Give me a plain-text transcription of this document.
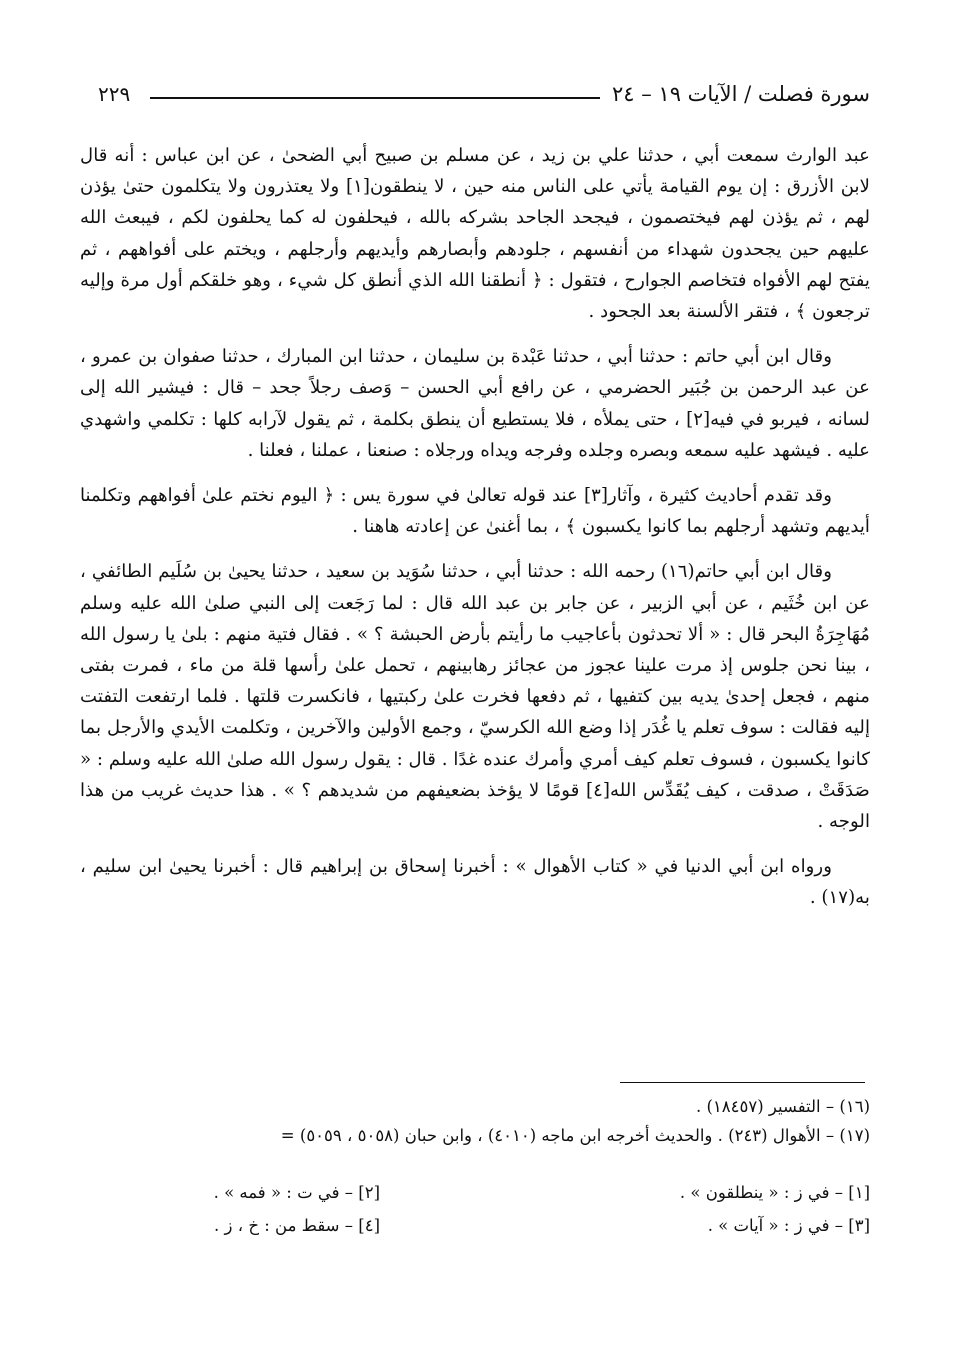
٢٢٩	سورة فصلت / الآيات ١٩ – ٢٤

عبد الوارث سمعت أبي ، حدثنا علي بن زيد ، عن مسلم بن صبيح أبي الضحىٰ ، عن ابن عباس : أنه قال لابن الأزرق : إن يوم القيامة يأتي على الناس منه حين ، لا ينطقون[١] ولا يعتذرون ولا يتكلمون حتىٰ يؤذن لهم ، ثم يؤذن لهم فيختصمون ، فيجحد الجاحد بشركه بالله ، فيحلفون له كما يحلفون لكم ، فيبعث الله عليهم حين يجحدون شهداء من أنفسهم ، جلودهم وأبصارهم وأيديهم وأرجلهم ، ويختم على أفواههم ، ثم يفتح لهم الأفواه فتخاصم الجوارح ، فتقول : ﴿ أنطقنا الله الذي أنطق كل شيء ، وهو خلقكم أول مرة وإليه ترجعون ﴾ ، فتقر الألسنة بعد الجحود .

وقال ابن أبي حاتم : حدثنا أبي ، حدثنا عَبْدة بن سليمان ، حدثنا ابن المبارك ، حدثنا صفوان بن عمرو ، عن عبد الرحمن بن جُبَير الحضرمي ، عن رافع أبي الحسن – وَصف رجلاً جحد – قال : فيشير الله إلى لسانه ، فيربو في فيه[٢] ، حتى يملأه ، فلا يستطيع أن ينطق بكلمة ، ثم يقول لآرابه كلها : تكلمي واشهدي عليه . فيشهد عليه سمعه وبصره وجلده وفرجه ويداه ورجلاه : صنعنا ، عملنا ، فعلنا .

وقد تقدم أحاديث كثيرة ، وآثار[٣] عند قوله تعالىٰ في سورة يس : ﴿ اليوم نختم علىٰ أفواههم وتكلمنا أيديهم وتشهد أرجلهم بما كانوا يكسبون ﴾ ، بما أغنىٰ عن إعادته هاهنا .

وقال ابن أبي حاتم(١٦) رحمه الله : حدثنا أبي ، حدثنا سُوَيد بن سعيد ، حدثنا يحيىٰ بن سُلَيم الطائفي ، عن ابن خُثَيم ، عن أبي الزبير ، عن جابر بن عبد الله قال : لما رَجَعت إلى النبي صلىٰ الله عليه وسلم مُهَاجِرَةُ البحر قال : « ألا تحدثون بأعاجيب ما رأيتم بأرض الحبشة ؟ » . فقال فتية منهم : بلىٰ يا رسول الله ، بينا نحن جلوس إذ مرت علينا عجوز من عجائز رهابينهم ، تحمل علىٰ رأسها قلة من ماء ، فمرت بفتى منهم ، فجعل إحدىٰ يديه بين كتفيها ، ثم دفعها فخرت علىٰ ركبتيها ، فانكسرت قلتها . فلما ارتفعت التفتت إليه فقالت : سوف تعلم يا غُدَر إذا وضع الله الكرسيّ ، وجمع الأولين والآخرين ، وتكلمت الأيدي والأرجل بما كانوا يكسبون ، فسوف تعلم كيف أمري وأمرك عنده غدًا . قال : يقول رسول الله صلىٰ الله عليه وسلم : « صَدَقَتْ ، صدقت ، كيف يُقَدِّس الله[٤] قومًا لا يؤخذ بضعيفهم من شديدهم ؟ » . هذا حديث غريب من هذا الوجه .

ورواه ابن أبي الدنيا في « كتاب الأهوال » : أخبرنا إسحاق بن إبراهيم قال : أخبرنا يحيىٰ ابن سليم ، به(١٧) .

(١٦) – التفسير (١٨٤٥٧) .
(١٧) – الأهوال (٢٤٣) . والحديث أخرجه ابن ماجه (٤٠١٠) ، وابن حبان (٥٠٥٨ ، ٥٠٥٩) =
[١] – في ز : « ينطلقون » .
[٣] – في ز : « آيات » .
[٢] – في ت : « فمه » .
[٤] – سقط من : خ ، ز .
